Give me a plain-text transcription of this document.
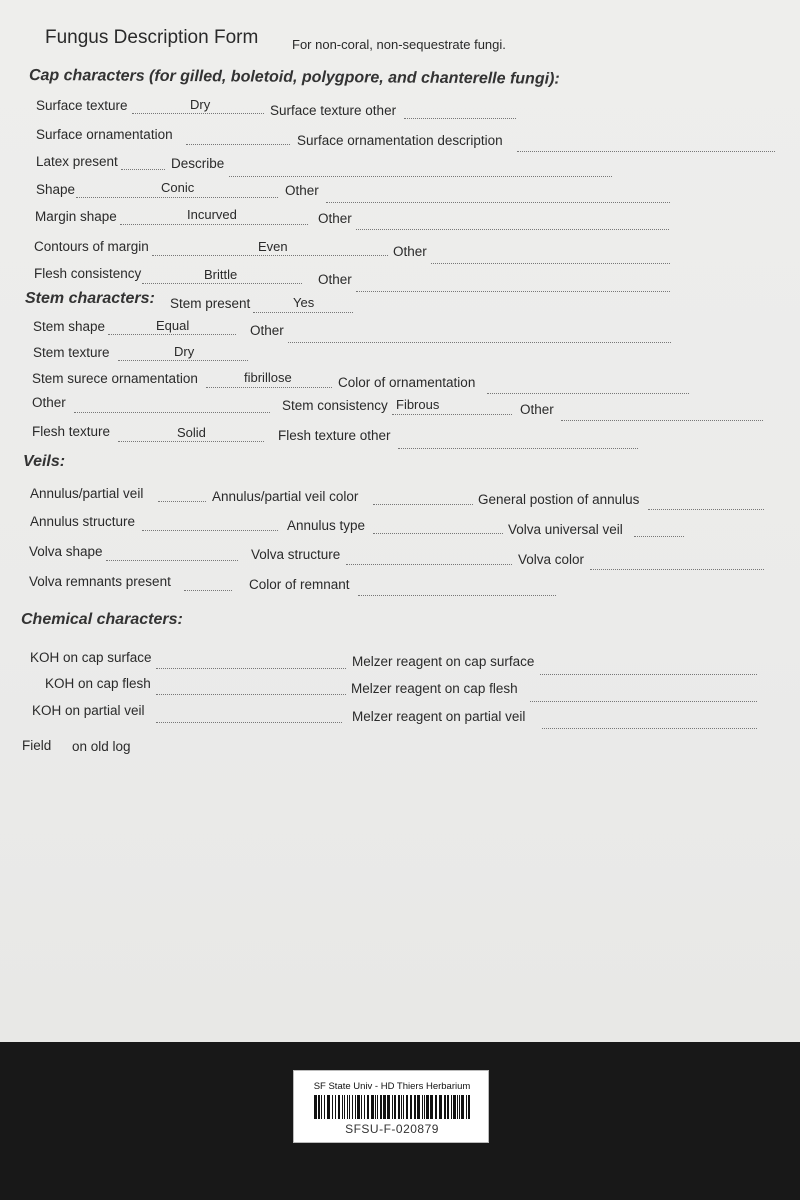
Fungus Description Form	For non-coral, non-sequestrate fungi.
Cap characters (for gilled, boletoid, polygpore, and chanterelle fungi):
Surface texture	Dry	Surface texture other
Surface ornamentation	Surface ornamentation description
Latex present	Describe
Shape	Conic	Other
Margin shape	Incurved	Other
Contours of margin	Even	Other
Flesh consistency	Brittle	Other
Stem characters: Stem present	Yes
Stem shape	Equal	Other
Stem texture	Dry
Stem surece ornamentation	fibrillose	Color of ornamentation
Other	Stem consistency Fibrous	Other
Flesh texture	Solid	Flesh texture other
Veils:
Annulus/partial veil	Annulus/partial veil color	General postion of annulus
Annulus structure	Annulus type	Volva universal veil
Volva shape	Volva structure	Volva color
Volva remnants present	Color of remnant
Chemical characters:
KOH on cap surface	Melzer reagent on cap surface
KOH on cap flesh	Melzer reagent on cap flesh
KOH on partial veil	Melzer reagent on partial veil
Field on old log
SF State Univ - HD Thiers Herbarium
SFSU-F-020879
